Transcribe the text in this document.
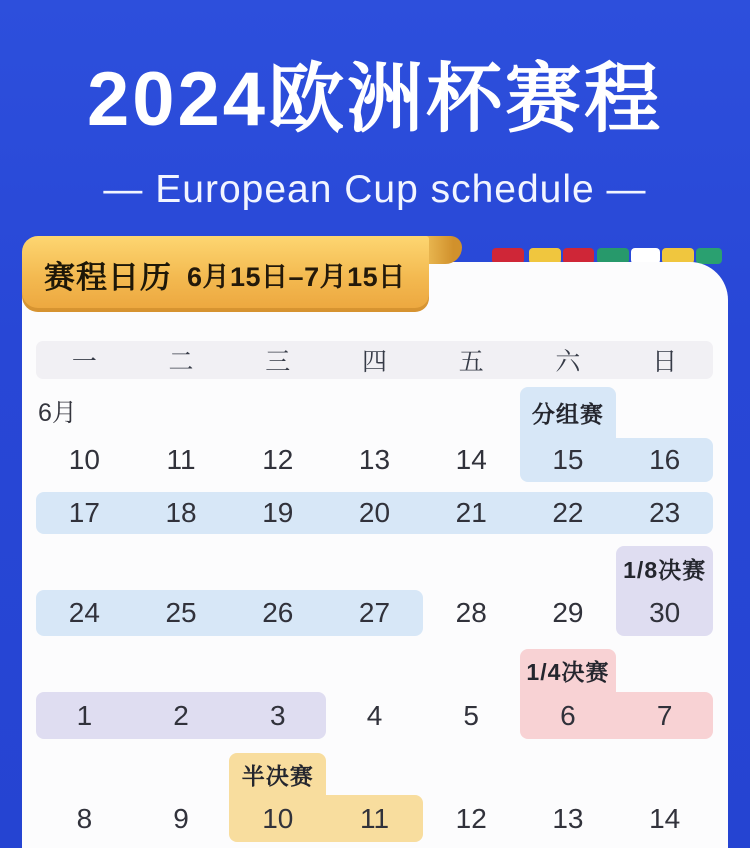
2024欧洲杯赛程
— European Cup schedule —
一	二	三	四	五	六	日
6月	分组赛
10	11	12	13	14	15	16
17	18	19	20	21	22	23
1/8决赛
24	25	26	27	28	29	30
1/4决赛
1	2	3	4	5	6	7
半决赛
8	9	10	11	12	13	14
赛程日历 6月15日–7月15日
